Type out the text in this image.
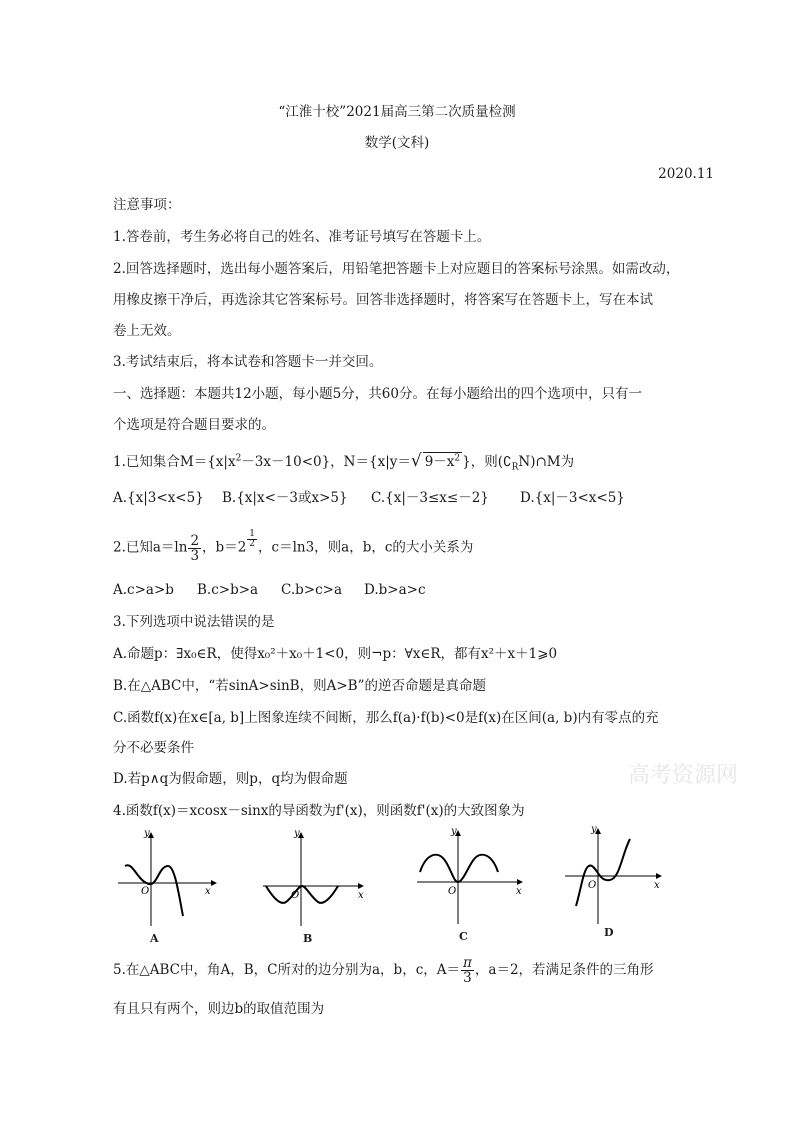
“江淮十校”2021届高三第二次质量检测
数学(文科)
2020.11
注意事项：
1.答卷前，考生务必将自己的姓名、准考证号填写在答题卡上。
2.回答选择题时，选出每小题答案后，用铅笔把答题卡上对应题目的答案标号涂黑。如需改动，
用橡皮擦干净后，再选涂其它答案标号。回答非选择题时，将答案写在答题卡上，写在本试
卷上无效。
3.考试结束后，将本试卷和答题卡一并交回。
一、选择题：本题共12小题，每小题5分，共60分。在每小题给出的四个选项中，只有一
个选项是符合题目要求的。
1.已知集合$M=\{x|x^2-3x-10<0\}$，N＝{x|y＝√ $9-x^2$ }，则$(∁_RN)\cap M$为
A.{x|3<x<5} B.{x|x<－3或x>5} C.{x|－3≤x≤－2} D.{x|－3<x<5}
2.已知$a=\ln \frac{2}{3}$ ，$b=2 \frac{1}{2}$ ，c＝ln3，则a，b，c的大小关系为
A.c>a>b B.c>b>a C.b>c>a D.b>a>c
3.下列选项中说法错误的是
A.命题p：∃x₀∈R，使得x₀²＋x₀＋1<0，则¬p：∀x∈R，都有x²＋x＋1⩾0
B.在△ABC中，“若sinA>sinB，则A>B”的逆否命题是真命题
C.函数f(x)在x∈[a, b]上图象连续不间断，那么f(a)·f(b)<0是f(x)在区间(a, b)内有零点的充
分不必要条件
D.若p∧q为假命题，则p，q均为假命题
4.函数f(x)＝xcosx－sinx的导函数为f'(x)，则函数f'(x)的大致图象为
y
x
O
A
y
x
O
B
y
x
O
C
y
x
O
D
5.在△ABC中，角A，B，C所对的边分别为a，b，c，$A= \frac{\pi}{3}$ ，a＝2，若满足条件的三角形
有且只有两个，则边b的取值范围为
高考资源网
